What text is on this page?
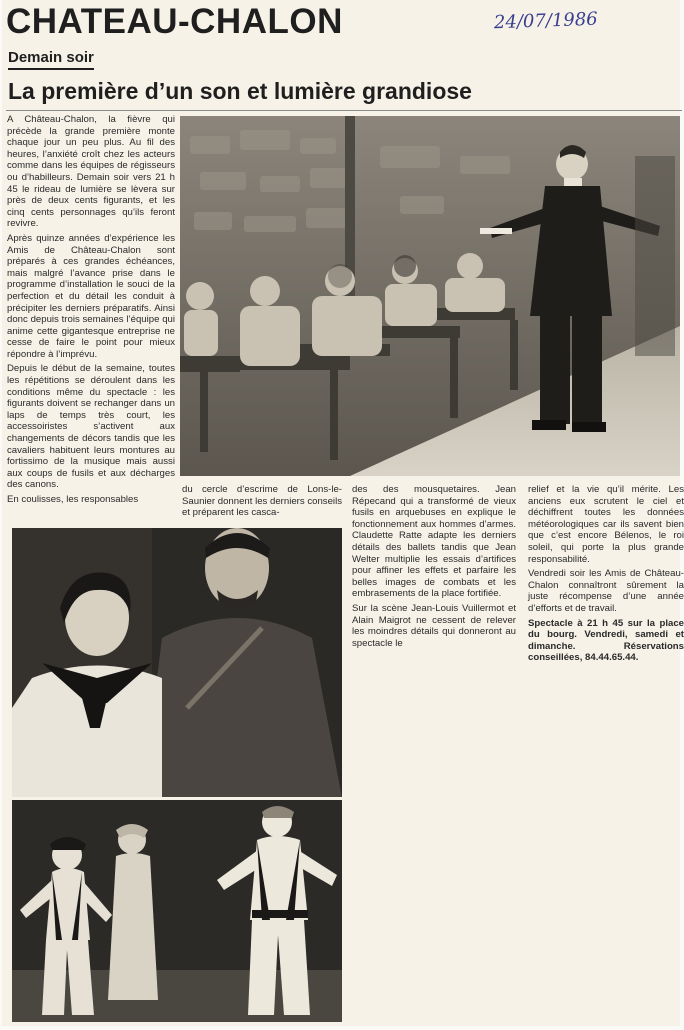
CHATEAU-CHALON	24/07/1986
Demain soir
La première d’un son et lumière grandiose

A Château-Chalon, la fièvre qui précède la grande première monte chaque jour un peu plus. Au fil des heures, l’anxiété croît chez les acteurs comme dans les équipes de régisseurs ou d’habilleurs. Demain soir vers 21 h 45 le rideau de lumière se lèvera sur près de deux cents figurants, et les cinq cents personnages qu’ils feront revivre.

Après quinze années d’expérience les Amis de Château-Chalon sont préparés à ces grandes échéances, mais malgré l’avance prise dans le programme d’installation le souci de la perfection et du détail les conduit à précipiter les derniers préparatifs. Ainsi donc depuis trois semaines l’équipe qui anime cette gigantesque entreprise ne cesse de faire le point pour mieux répondre à l’imprévu.

Depuis le début de la semaine, toutes les répétitions se déroulent dans les conditions même du spectacle : les figurants doivent se rechanger dans un laps de temps très court, les accessoiristes s’activent aux changements de décors tandis que les cavaliers habituent leurs montures au fortissimo de la musique mais aussi aux coups de fusils et aux décharges des canons.

En coulisses, les responsables

du cercle d’escrime de Lons-le-Saunier donnent les derniers conseils et préparent les casca-

des des mousquetaires. Jean Répecand qui a transformé de vieux fusils en arquebuses en explique le fonctionnement aux hommes d’armes. Claudette Ratte adapte les derniers détails des ballets tandis que Jean Welter multiplie les essais d’artifices pour affiner les effets et parfaire les belles images de combats et les embrasements de la place fortifiée.

Sur la scène Jean-Louis Vuillermot et Alain Maigrot ne cessent de relever les moindres détails qui donneront au spectacle le

relief et la vie qu’il mérite. Les anciens eux scrutent le ciel et déchiffrent toutes les données météorologiques car ils savent bien que c’est encore Bélenos, le roi soleil, qui porte la plus grande responsabilité.

Vendredi soir les Amis de Château-Chalon connaîtront sûrement la juste récompense d’une année d’efforts et de travail.

Spectacle à 21 h 45 sur la place du bourg. Vendredi, samedi et dimanche. Réservations conseillées, 84.44.65.44.
